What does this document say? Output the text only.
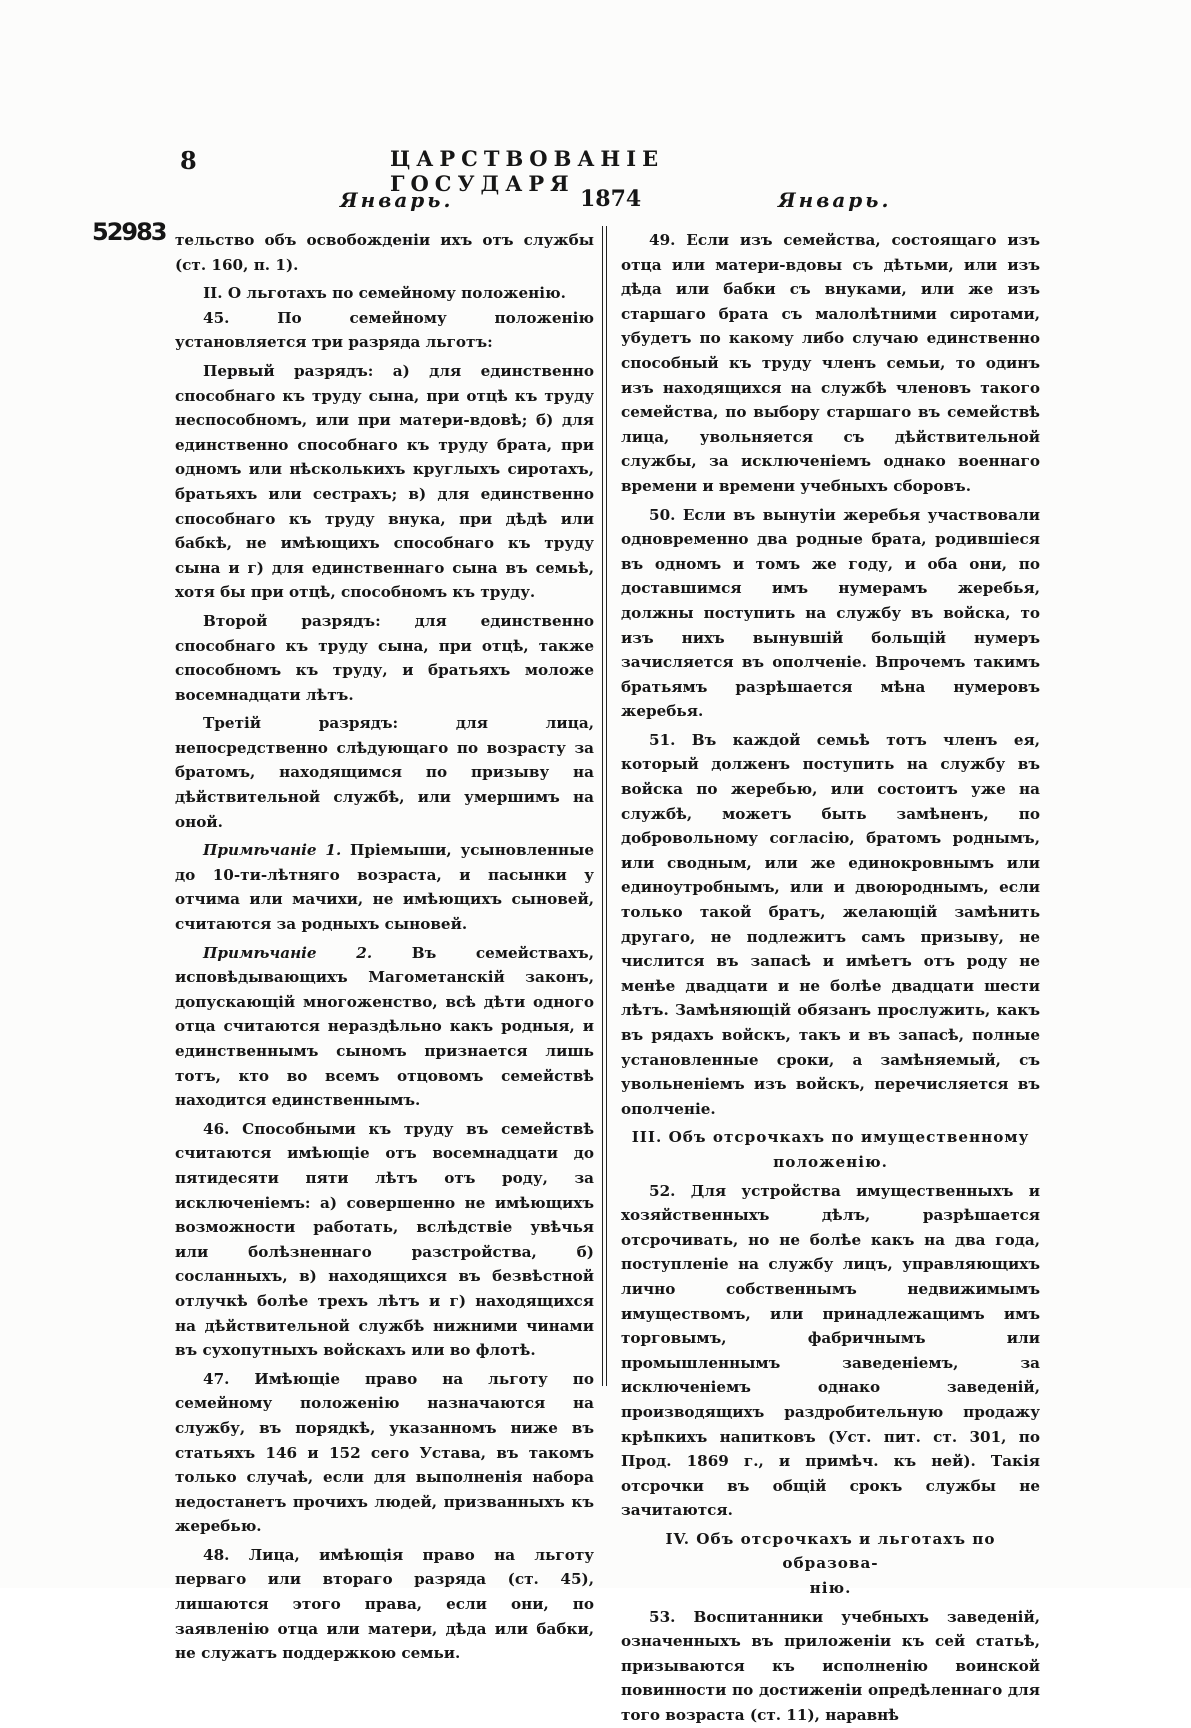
8	ЦАРСТВОВАНІЕ ГОСУДАРЯ
Январь.	1874	Январь.
52983 тельство объ освобожденіи ихъ отъ службы (ст. 160, п. 1).

II. О льготахъ по семейному положенію.

45. По семейному положенію установляется три разряда льготъ:

Первый разрядъ: а) для единственно способнаго къ труду сына, при отцѣ къ труду неспособномъ, или при матери-вдовѣ; б) для единственно способнаго къ труду брата, при одномъ или нѣсколькихъ круглыхъ сиротахъ, братьяхъ или сестрахъ; в) для единственно способнаго къ труду внука, при дѣдѣ или бабкѣ, не имѣющихъ способнаго къ труду сына и г) для единственнаго сына въ семьѣ, хотя бы при отцѣ, способномъ къ труду.

Второй разрядъ: для единственно способнаго къ труду сына, при отцѣ, также способномъ къ труду, и братьяхъ моложе восемнадцати лѣтъ.

Третій разрядъ: для лица, непосредственно слѣдующаго по возрасту за братомъ, находящимся по призыву на дѣйствительной службѣ, или умершимъ на оной.

Примѣчаніе 1. Пріемыши, усыновленные до 10-ти-лѣтняго возраста, и пасынки у отчима или мачихи, не имѣющихъ сыновей, считаются за родныхъ сыновей.

Примѣчаніе 2.	Въ семействахъ, исповѣдывающихъ Магометанскій законъ, допускающій многоженство, всѣ дѣти одного отца считаются нераздѣльно какъ родныя, и единственнымъ сыномъ признается лишь тотъ, кто во всемъ отцовомъ семействѣ находится единственнымъ.

46. Способными къ труду въ семействѣ считаются имѣющіе отъ восемнадцати до пятидесяти пяти лѣтъ отъ роду, за исключеніемъ: а) совершенно не имѣющихъ возможности работать, вслѣдствіе увѣчья или болѣзненнаго разстройства, б) сосланныхъ, в) находящихся въ безвѣстной отлучкѣ болѣе трехъ лѣтъ и г) находящихся на дѣйствительной службѣ нижними чинами въ сухопутныхъ войскахъ или во флотѣ.

47. Имѣющіе право на льготу по семейному положенію назначаются на службу, въ порядкѣ, указанномъ ниже въ статьяхъ 146 и 152 сего Устава, въ такомъ только случаѣ, если для выполненія набора недостанетъ прочихъ людей, призванныхъ къ жеребью.

48. Лица, имѣющія право на льготу перваго или втораго разряда (ст. 45), лишаются этого права, если они, по заявленію отца или матери, дѣда или бабки, не служатъ поддержкою семьи.

49. Если изъ семейства, состоящаго изъ отца или матери-вдовы съ дѣтьми, или изъ дѣда или бабки съ внуками, или же изъ старшаго брата съ малолѣтними сиротами, убудетъ по какому либо случаю единственно способный къ труду членъ семьи, то одинъ изъ находящихся на службѣ членовъ такого семейства, по выбору старшаго въ семействѣ лица, увольняется съ дѣйствительной службы, за исключеніемъ однако военнаго времени и времени учебныхъ сборовъ.

50. Если въ вынутіи жеребья участвовали одновременно два родные брата, родившіеся въ одномъ и томъ же году, и оба они, по доставшимся имъ нумерамъ жеребья, должны поступить на службу въ войска, то изъ нихъ вынувшій больщій нумеръ зачисляется въ ополченіе. Впрочемъ такимъ братьямъ разрѣшается мѣна нумеровъ жеребья.

51. Въ каждой семьѣ тотъ членъ ея, который долженъ поступить на службу въ войска по жеребью, или состоитъ уже на службѣ, можетъ быть замѣненъ, по добровольному согласію, братомъ роднымъ, или сводным, или же единокровнымъ или единоутробнымъ, или и двоюроднымъ, если только такой братъ, желающій замѣнить другаго, не подлежитъ самъ призыву, не числится въ запасѣ и имѣетъ отъ роду не менѣе двадцати и не болѣе двадцати шести лѣтъ. Замѣняющій обязанъ прослужить, какъ въ рядахъ войскъ, такъ и въ запасѣ, полные установленные сроки, а замѣняемый, съ увольненіемъ изъ войскъ, перечисляется въ ополченіе.

III. Объ отсрочкахъ по имущественному

положенію.

52. Для устройства имущественныхъ и хозяйственныхъ дѣлъ, разрѣшается отсрочивать, но не болѣе какъ на два года, поступленіе на службу лицъ, управляющихъ лично собственнымъ недвижимымъ имуществомъ, или принадлежащимъ имъ торговымъ, фабричнымъ или промышленнымъ заведеніемъ, за исключеніемъ однако заведеній, производящихъ раздробительную продажу крѣпкихъ напитковъ (Уст. пит. ст. 301, по Прод. 1869 г., и примѣч. къ ней). Такія отсрочки въ общій срокъ службы не зачитаются.

IV. Объ отсрочкахъ и льготахъ по образова-

нію.

53. Воспитанники учебныхъ заведеній, означенныхъ въ приложеніи къ сей статьѣ, призываются къ исполненію воинской повинности по достиженіи опредѣленнаго для того возраста (ст. 11), наравнѣ
